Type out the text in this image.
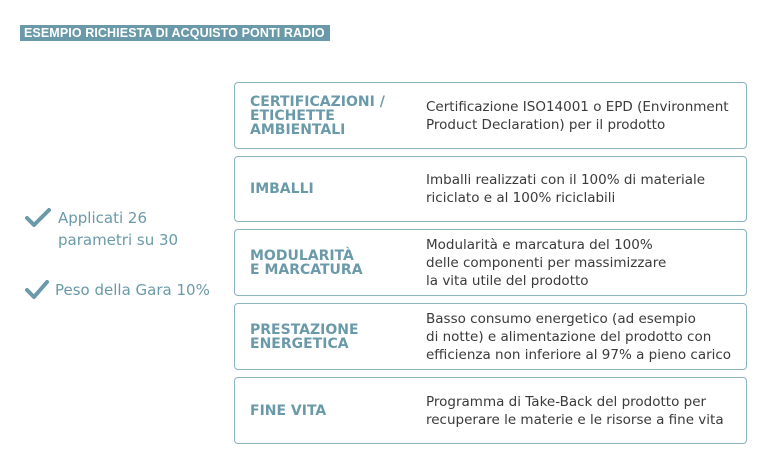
ESEMPIO RICHIESTA DI ACQUISTO PONTI RADIO
Applicati 26
parametri su 30
Peso della Gara 10%
CERTIFICAZIONI /
ETICHETTE
AMBIENTALI
Certificazione ISO14001 o EPD (Environment
Product Declaration) per il prodotto
IMBALLI
Imballi realizzati con il 100% di materiale
riciclato e al 100% riciclabili
MODULARITÀ
E MARCATURA
Modularità e marcatura del 100%
delle componenti per massimizzare
la vita utile del prodotto
PRESTAZIONE
ENERGETICA
Basso consumo energetico (ad esempio
di notte) e alimentazione del prodotto con
efficienza non inferiore al 97% a pieno carico
FINE VITA
Programma di Take-Back del prodotto per
recuperare le materie e le risorse a fine vita
